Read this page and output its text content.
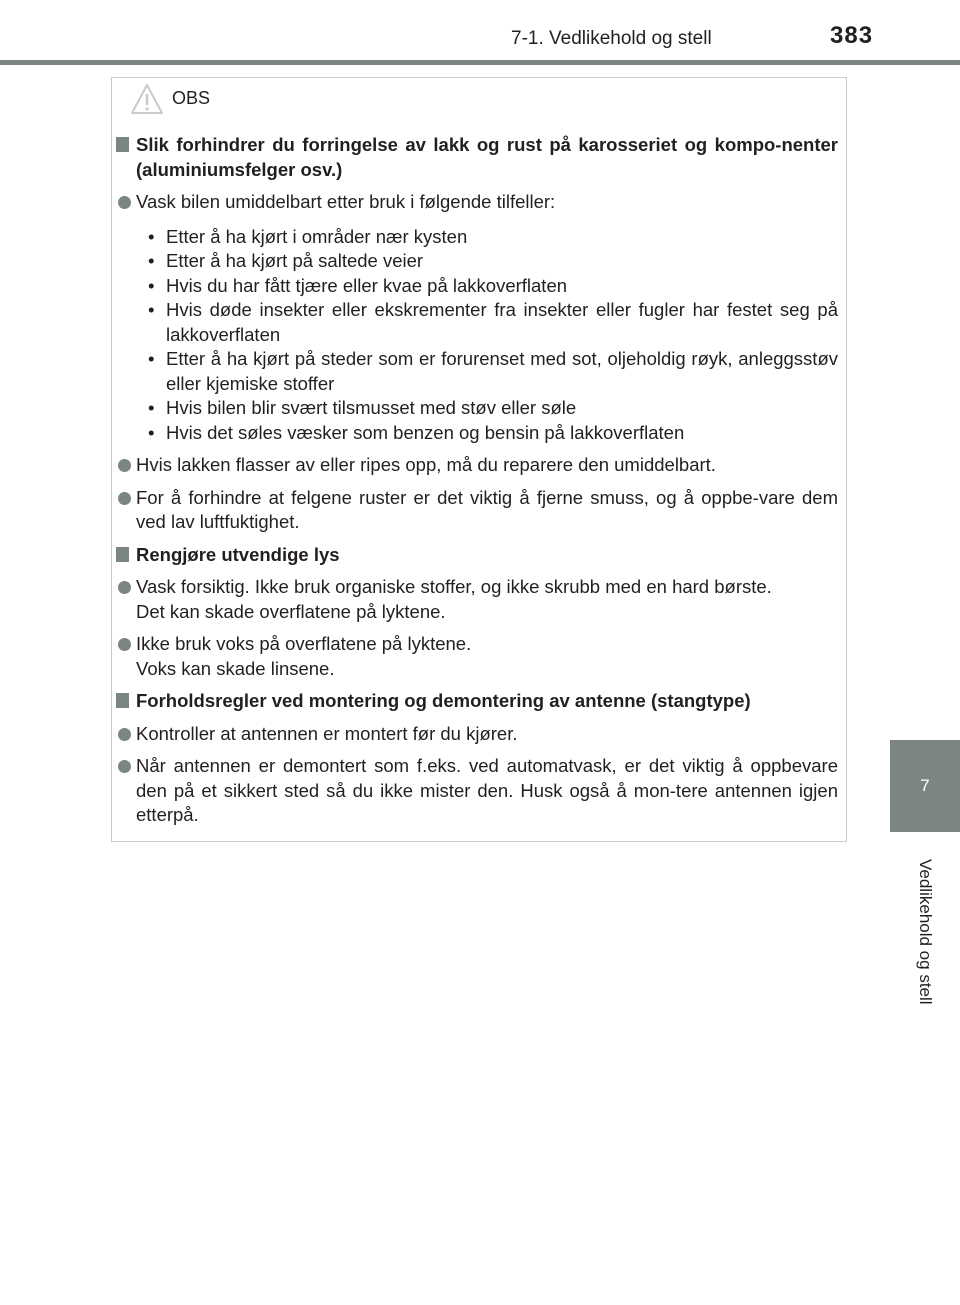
7-1. Vedlikehold og stell	383
7
Vedlikehold og stell
OBS
Slik forhindrer du forringelse av lakk og rust på karosseriet og kompo-nenter (aluminiumsfelger osv.)
Vask bilen umiddelbart etter bruk i følgende tilfeller:
• Etter å ha kjørt i områder nær kysten
• Etter å ha kjørt på saltede veier
• Hvis du har fått tjære eller kvae på lakkoverflaten
• Hvis døde insekter eller ekskrementer fra insekter eller fugler har festet seg på lakkoverflaten
• Etter å ha kjørt på steder som er forurenset med sot, oljeholdig røyk, anleggsstøv eller kjemiske stoffer
• Hvis bilen blir svært tilsmusset med støv eller søle
• Hvis det søles væsker som benzen og bensin på lakkoverflaten
Hvis lakken flasser av eller ripes opp, må du reparere den umiddelbart.
For å forhindre at felgene ruster er det viktig å fjerne smuss, og å oppbe-vare dem ved lav luftfuktighet.
Rengjøre utvendige lys
Vask forsiktig. Ikke bruk organiske stoffer, og ikke skrubb med en hard børste.
Det kan skade overflatene på lyktene.
Ikke bruk voks på overflatene på lyktene.
Voks kan skade linsene.
Forholdsregler ved montering og demontering av antenne (stangtype)
Kontroller at antennen er montert før du kjører.
Når antennen er demontert som f.eks. ved automatvask, er det viktig å oppbevare den på et sikkert sted så du ikke mister den. Husk også å mon-tere antennen igjen etterpå.
